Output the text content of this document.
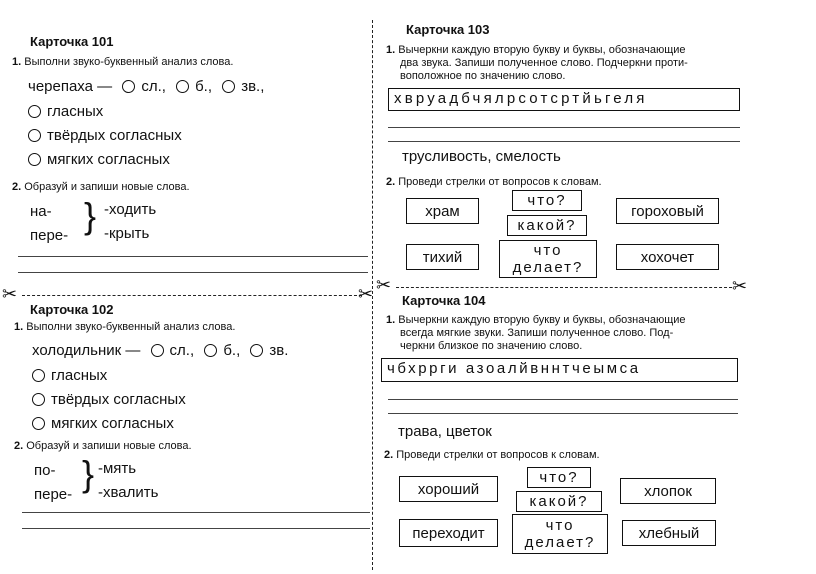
Карточка 101
1. Выполни звуко-буквенный анализ слова.
черепаха — сл., б., зв.,
гласных
твёрдых согласных
мягких согласных
2. Образуй и запиши новые слова.
на-
пере- } -ходить
-крыть
✂	✂ ✂	✂
Карточка 102
1. Выполни звуко-буквенный анализ слова.
холодильник — сл., б., зв.
гласных
твёрдых согласных
мягких согласных
2. Образуй и запиши новые слова.
по-
пере-
} -мять
-хвалить
Карточка 103
1. Вычеркни каждую вторую букву и буквы, обозначающие
два звука. Запиши полученное слово. Подчеркни проти-
воположное по значению слово.
хвруадбчялрсотсртйьгеля
трусливость, смелость
2. Проведи стрелки от вопросов к словам.
храм
что?
какой?
гороховый
тихий	что
делает?
хохочет
Карточка 104
1. Вычеркни каждую вторую букву и буквы, обозначающие
всегда мягкие звуки. Запиши полученное слово. Под-
черкни близкое по значению слово.
чбхррги азоалйвннтчеымса
трава, цветок
2. Проведи стрелки от вопросов к словам.
хороший
что?
какой?
хлопок
переходит	что
делает?
хлебный
